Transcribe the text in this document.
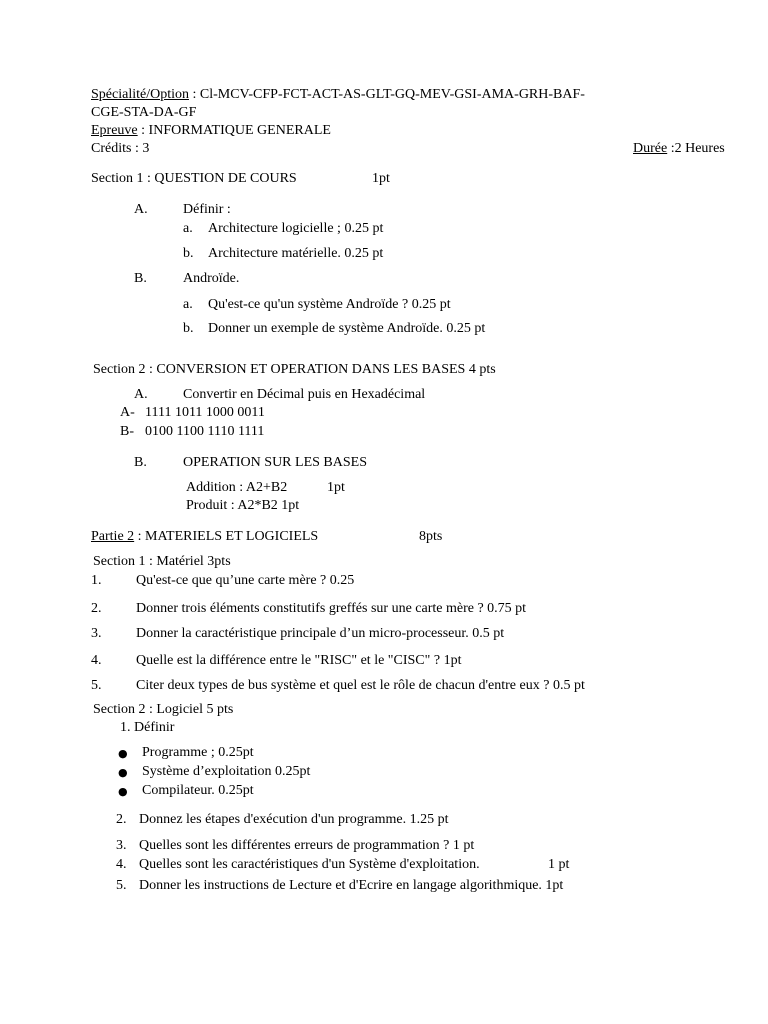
Spécialité/Option : Cl-MCV-CFP-FCT-ACT-AS-GLT-GQ-MEV-GSI-AMA-GRH-BAF-
CGE-STA-DA-GF
Epreuve : INFORMATIQUE GENERALE
Crédits : 3	Durée :2 Heures
Section 1 : QUESTION DE COURS	1pt
A.	Définir :
a. Architecture logicielle ; 0.25 pt
b. Architecture matérielle. 0.25 pt
B.	Androïde.
a. Qu'est-ce qu'un système Androïde ? 0.25 pt
b. Donner un exemple de système Androïde. 0.25 pt
Section 2 : CONVERSION ET OPERATION DANS LES BASES 4 pts
A.	Convertir en Décimal puis en Hexadécimal
A- 1111 1011 1000 0011
B- 0100 1100 1110 1111
B.	OPERATION SUR LES BASES
Addition : A2+B2	1pt
Produit : A2*B2 1pt
Partie 2 : MATERIELS ET LOGICIELS	8pts
Section 1 : Matériel 3pts
1. Qu'est-ce que qu’une carte mère ? 0.25
2. Donner trois éléments constitutifs greffés sur une carte mère ? 0.75 pt
3. Donner la caractéristique principale d’un micro-processeur. 0.5 pt
4. Quelle est la différence entre le "RISC" et le "CISC" ? 1pt
5. Citer deux types de bus système et quel est le rôle de chacun d'entre eux ? 0.5 pt
Section 2 : Logiciel 5 pts
1. Définir
● Programme ; 0.25pt
● Système d’exploitation 0.25pt
● Compilateur. 0.25pt
2. Donnez les étapes d'exécution d'un programme. 1.25 pt
3. Quelles sont les différentes erreurs de programmation ? 1 pt
4. Quelles sont les caractéristiques d'un Système d'exploitation.	1 pt
5. Donner les instructions de Lecture et d'Ecrire en langage algorithmique. 1pt
